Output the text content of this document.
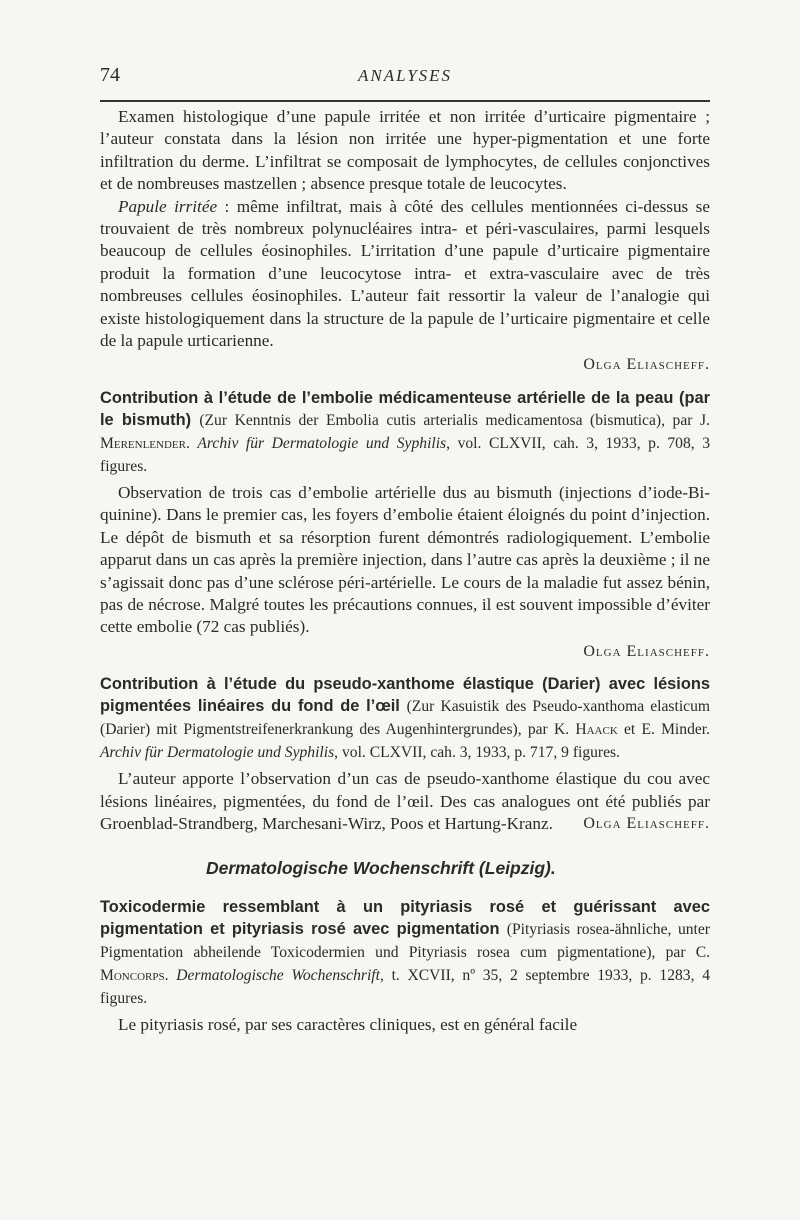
74	ANALYSES

Examen histologique d’une papule irritée et non irritée d’urticaire pigmentaire ; l’auteur constata dans la lésion non irritée une hyper-pigmentation et une forte infiltration du derme. L’infiltrat se composait de lymphocytes, de cellules conjonctives et de nombreuses mastzellen ; absence presque totale de leucocytes.

Papule irritée : même infiltrat, mais à côté des cellules mentionnées ci-dessus se trouvaient de très nombreux polynucléaires intra- et péri-vasculaires, parmi lesquels beaucoup de cellules éosinophiles. L’irritation d’une papule d’urticaire pigmentaire produit la formation d’une leucocytose intra- et extra-vasculaire avec de très nombreuses cellules éosinophiles. L’auteur fait ressortir la valeur de l’analogie qui existe histologiquement dans la structure de la papule de l’urticaire pigmentaire et celle de la papule urticarienne.

Olga Eliascheff.

Contribution à l’étude de l’embolie médicamenteuse artérielle de la peau (par le bismuth) (Zur Kenntnis der Embolia cutis arterialis medicamentosa (bismutica), par J. Merenlender. Archiv für Dermatologie und Syphilis, vol. CLXVII, cah. 3, 1933, p. 708, 3 figures.

Observation de trois cas d’embolie artérielle dus au bismuth (injections d’iode-Bi-quinine). Dans le premier cas, les foyers d’embolie étaient éloignés du point d’injection. Le dépôt de bismuth et sa résorption furent démontrés radiologiquement. L’embolie apparut dans un cas après la première injection, dans l’autre cas après la deuxième ; il ne s’agissait donc pas d’une sclérose péri-artérielle. Le cours de la maladie fut assez bénin, pas de nécrose. Malgré toutes les précautions connues, il est souvent impossible d’éviter cette embolie (72 cas publiés).

Olga Eliascheff.

Contribution à l’étude du pseudo-xanthome élastique (Darier) avec lésions pigmentées linéaires du fond de l’œil (Zur Kasuistik des Pseudo-xanthoma elasticum (Darier) mit Pigmentstreifenerkrankung des Augenhintergrundes), par K. Haack et E. Minder. Archiv für Dermatologie und Syphilis, vol. CLXVII, cah. 3, 1933, p. 717, 9 figures.

L’auteur apporte l’observation d’un cas de pseudo-xanthome élastique du cou avec lésions linéaires, pigmentées, du fond de l’œil. Des cas analogues ont été publiés par Groenblad-Strandberg, Marchesani-Wirz, Poos et Hartung-Kranz.	Olga Eliascheff.

Dermatologische Wochenschrift (Leipzig).

Toxicodermie ressemblant à un pityriasis rosé et guérissant avec pigmentation et pityriasis rosé avec pigmentation (Pityriasis rosea-ähnliche, unter Pigmentation abheilende Toxicodermien und Pityriasis rosea cum pigmentatione), par C. Moncorps. Dermatologische Wochenschrift, t. XCVII, nº 35, 2 septembre 1933, p. 1283, 4 figures.

Le pityriasis rosé, par ses caractères cliniques, est en général facile
